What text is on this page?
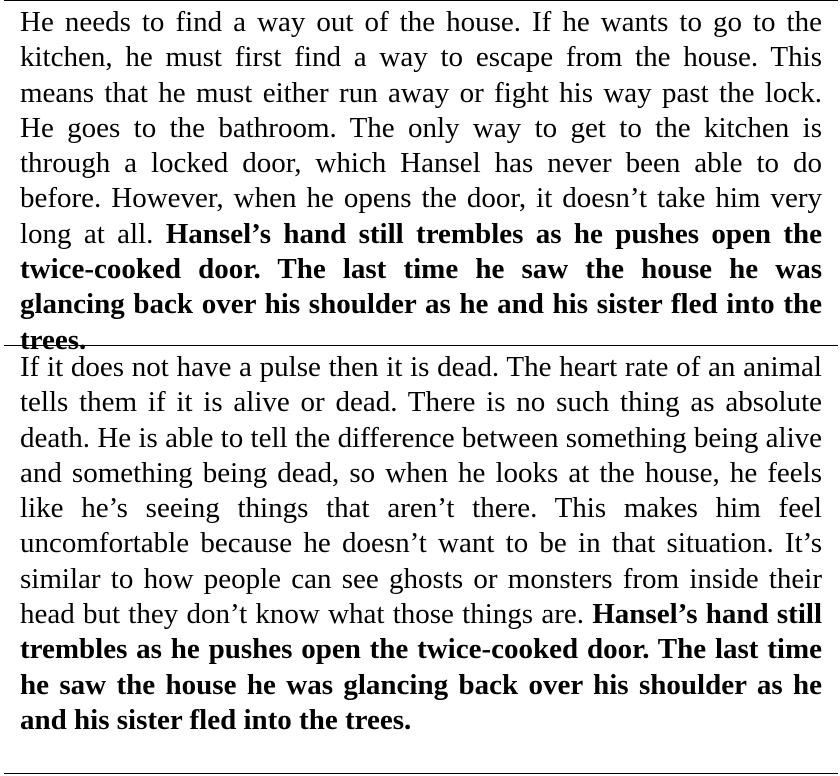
He needs to find a way out of the house. If he wants to go to the kitchen, he must first find a way to escape from the house. This means that he must either run away or fight his way past the lock. He goes to the bathroom. The only way to get to the kitchen is through a locked door, which Hansel has never been able to do before. However, when he opens the door, it doesn’t take him very long at all. Hansel’s hand still trembles as he pushes open the twice-cooked door. The last time he saw the house he was glancing back over his shoulder as he and his sister fled into the trees.
If it does not have a pulse then it is dead. The heart rate of an animal tells them if it is alive or dead. There is no such thing as absolute death. He is able to tell the difference between something being alive and something being dead, so when he looks at the house, he feels like he’s seeing things that aren’t there. This makes him feel uncomfortable because he doesn’t want to be in that situation. It’s similar to how people can see ghosts or monsters from inside their head but they don’t know what those things are. Hansel’s hand still trembles as he pushes open the twice-cooked door. The last time he saw the house he was glancing back over his shoulder as he and his sister fled into the trees.
